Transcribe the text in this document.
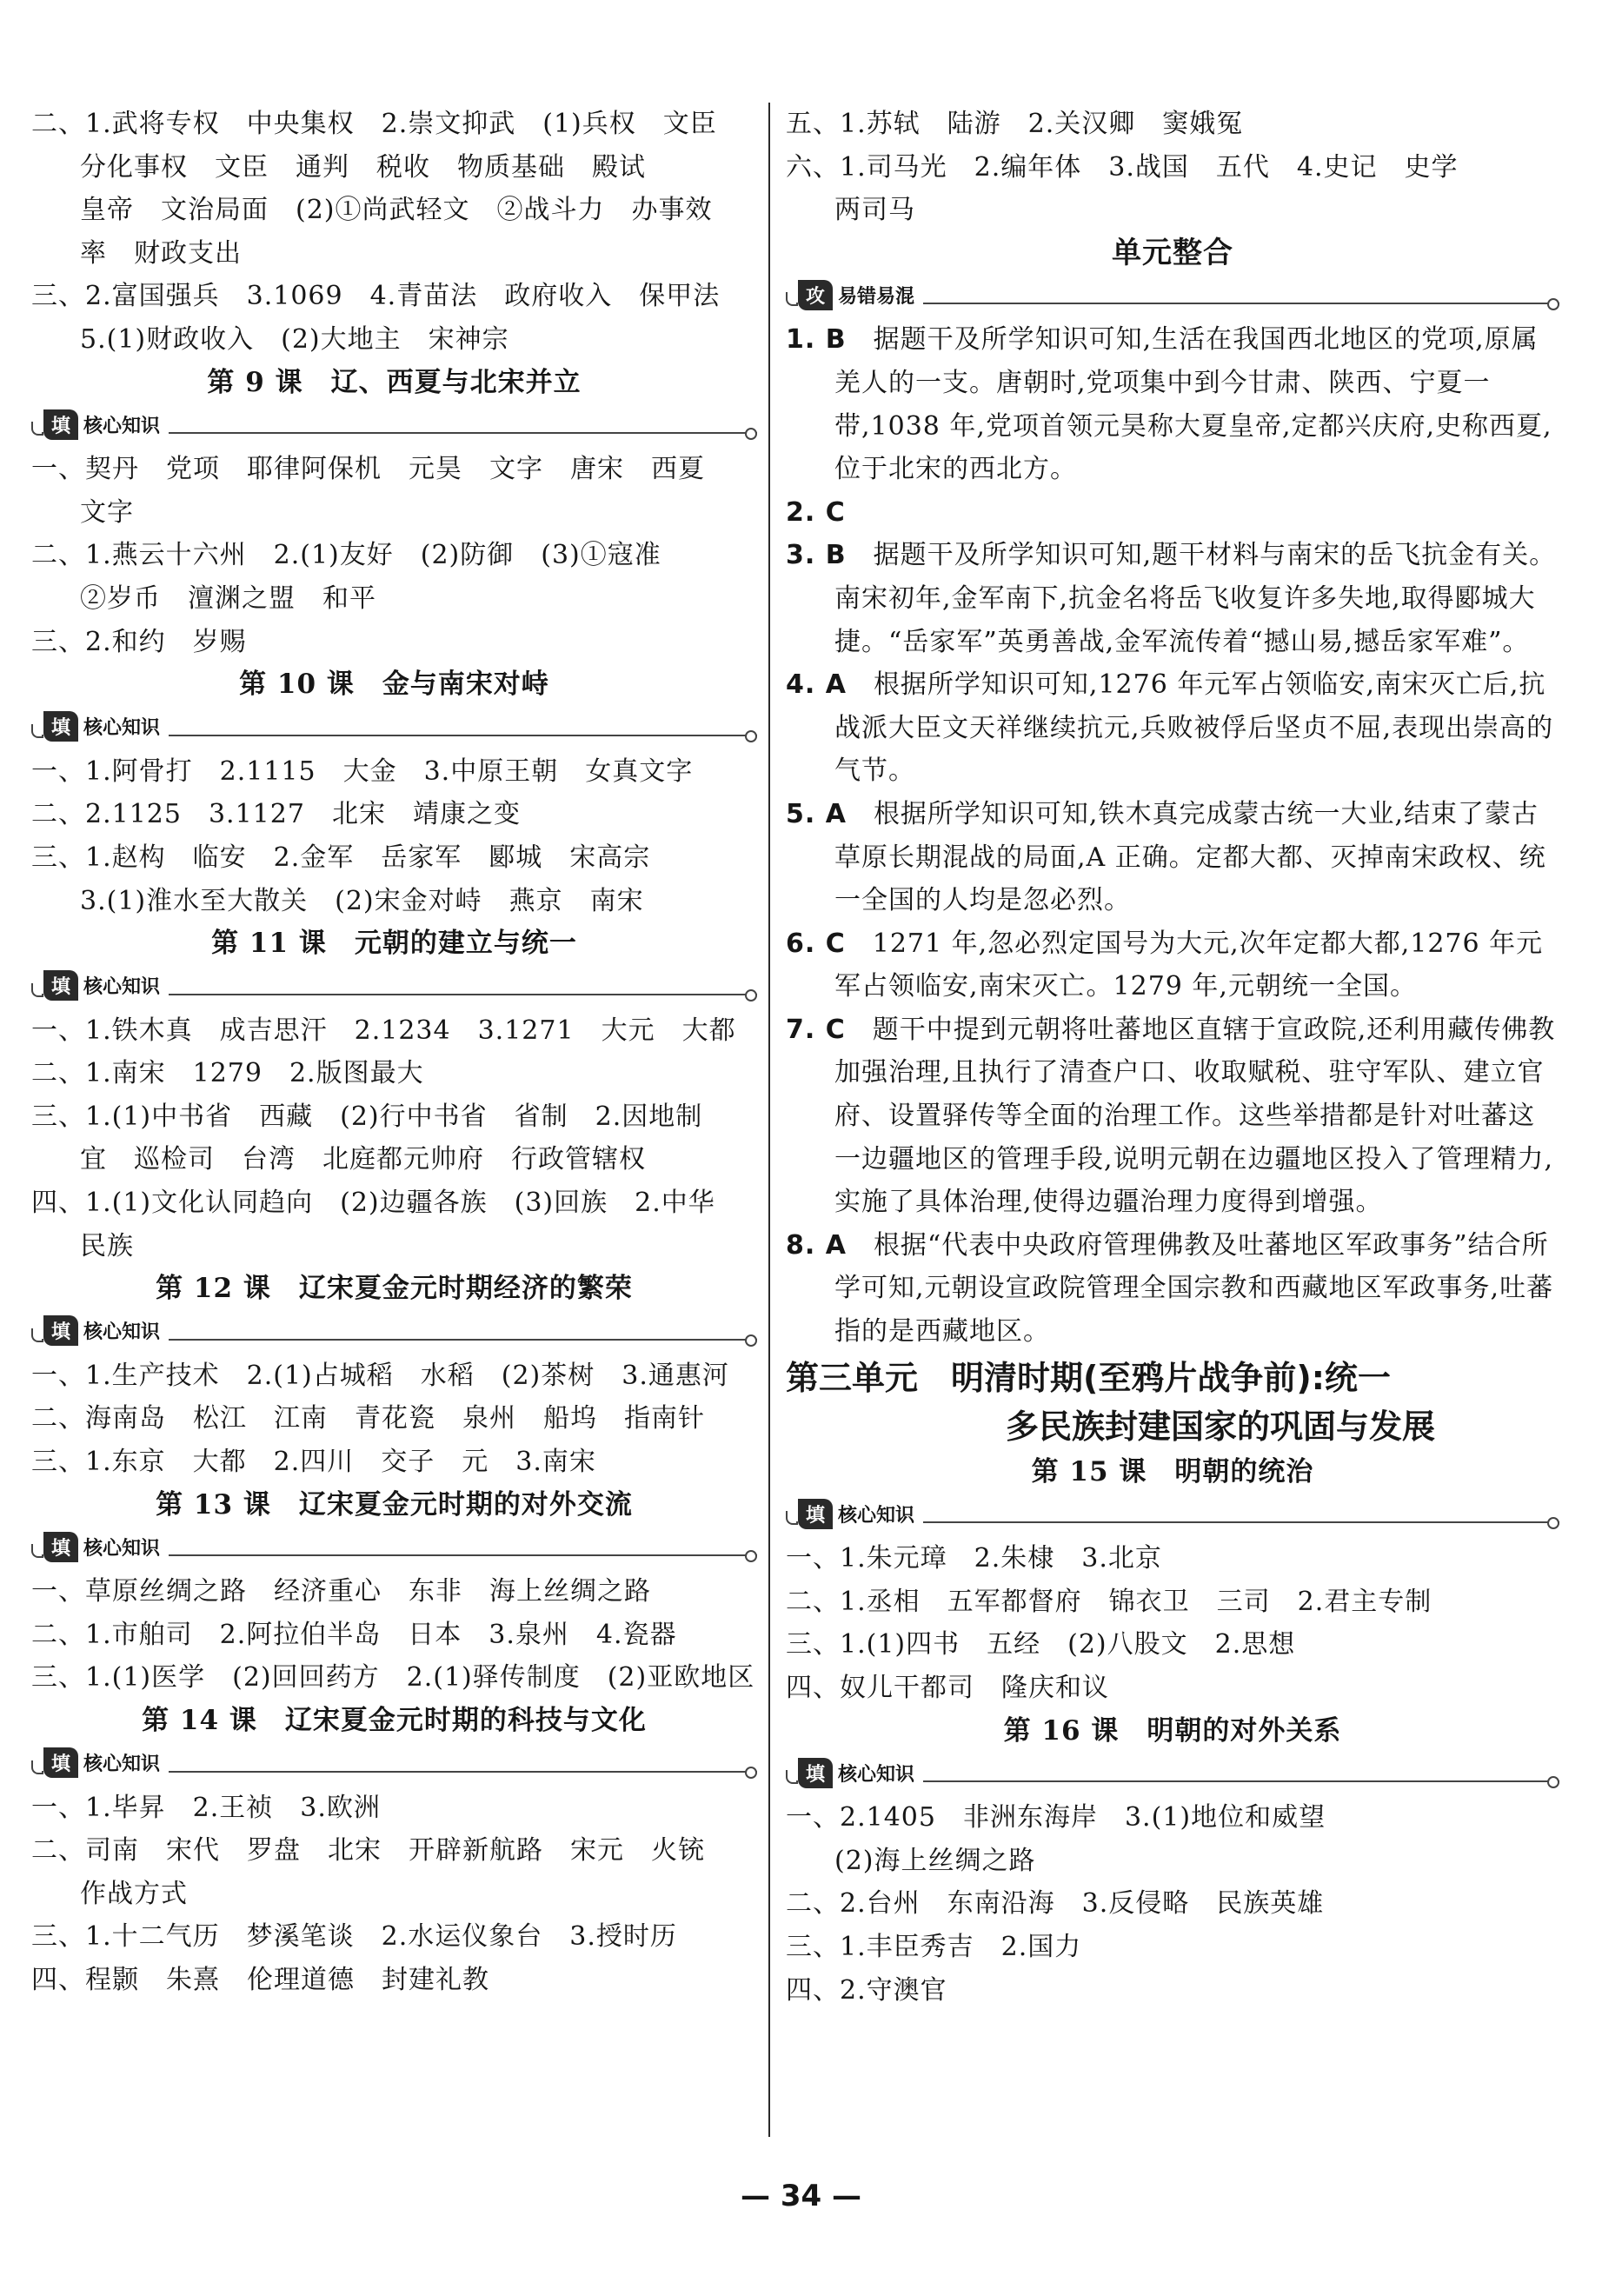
二、1.武将专权　中央集权　2.崇文抑武　(1)兵权　文臣
分化事权　文臣　通判　税收　物质基础　殿试
皇帝　文治局面　(2)①尚武轻文　②战斗力　办事效
率　财政支出
三、2.富国强兵　3.1069　4.青苗法　政府收入　保甲法
5.(1)财政收入　(2)大地主　宋神宗
第 9 课　辽、西夏与北宋并立
填 核心知识
一、契丹　党项　耶律阿保机　元昊　文字　唐宋　西夏
文字
二、1.燕云十六州　2.(1)友好　(2)防御　(3)①寇准
②岁币　澶渊之盟　和平
三、2.和约　岁赐
第 10 课　金与南宋对峙
填 核心知识
一、1.阿骨打　2.1115　大金　3.中原王朝　女真文字
二、2.1125　3.1127　北宋　靖康之变
三、1.赵构　临安　2.金军　岳家军　郾城　宋高宗
3.(1)淮水至大散关　(2)宋金对峙　燕京　南宋
第 11 课　元朝的建立与统一
填 核心知识
一、1.铁木真　成吉思汗　2.1234　3.1271　大元　大都
二、1.南宋　1279　2.版图最大
三、1.(1)中书省　西藏　(2)行中书省　省制　2.因地制
宜　巡检司　台湾　北庭都元帅府　行政管辖权
四、1.(1)文化认同趋向　(2)边疆各族　(3)回族　2.中华
民族
第 12 课　辽宋夏金元时期经济的繁荣
填 核心知识
一、1.生产技术　2.(1)占城稻　水稻　(2)茶树　3.通惠河
二、海南岛　松江　江南　青花瓷　泉州　船坞　指南针
三、1.东京　大都　2.四川　交子　元　3.南宋
第 13 课　辽宋夏金元时期的对外交流
填 核心知识
一、草原丝绸之路　经济重心　东非　海上丝绸之路
二、1.市舶司　2.阿拉伯半岛　日本　3.泉州　4.瓷器
三、1.(1)医学　(2)回回药方　2.(1)驿传制度　(2)亚欧地区
第 14 课　辽宋夏金元时期的科技与文化
填 核心知识
一、1.毕昇　2.王祯　3.欧洲
二、司南　宋代　罗盘　北宋　开辟新航路　宋元　火铳
作战方式
三、1.十二气历　梦溪笔谈　2.水运仪象台　3.授时历
四、程颢　朱熹　伦理道德　封建礼教
五、1.苏轼　陆游　2.关汉卿　窦娥冤
六、1.司马光　2.编年体　3.战国　五代　4.史记　史学
两司马
单元整合
攻 易错易混
1. B　 据题干及所学知识可知,生活在我国西北地区的党项,原属羌人的一支。唐朝时,党项集中到今甘肃、陕西、宁夏一带,1038 年,党项首领元昊称大夏皇帝,定都兴庆府,史称西夏,位于北宋的西北方。
2. C
3. B　 据题干及所学知识可知,题干材料与南宋的岳飞抗金有关。南宋初年,金军南下,抗金名将岳飞收复许多失地,取得郾城大捷。“岳家军”英勇善战,金军流传着“撼山易,撼岳家军难”。
4. A　 根据所学知识可知,1276 年元军占领临安,南宋灭亡后,抗战派大臣文天祥继续抗元,兵败被俘后坚贞不屈,表现出崇高的气节。
5. A　 根据所学知识可知,铁木真完成蒙古统一大业,结束了蒙古草原长期混战的局面,A 正确。定都大都、灭掉南宋政权、统一全国的人均是忽必烈。
6. C　 1271 年,忽必烈定国号为大元,次年定都大都,1276 年元军占领临安,南宋灭亡。1279 年,元朝统一全国。
7. C　 题干中提到元朝将吐蕃地区直辖于宣政院,还利用藏传佛教加强治理,且执行了清查户口、收取赋税、驻守军队、建立官府、设置驿传等全面的治理工作。这些举措都是针对吐蕃这一边疆地区的管理手段,说明元朝在边疆地区投入了管理精力,实施了具体治理,使得边疆治理力度得到增强。
8. A　 根据“代表中央政府管理佛教及吐蕃地区军政事务”结合所学可知,元朝设宣政院管理全国宗教和西藏地区军政事务,吐蕃指的是西藏地区。
第三单元　明清时期(至鸦片战争前):统一
多民族封建国家的巩固与发展
第 15 课　明朝的统治
填 核心知识
一、1.朱元璋　2.朱棣　3.北京
二、1.丞相　五军都督府　锦衣卫　三司　2.君主专制
三、1.(1)四书　五经　(2)八股文　2.思想
四、奴儿干都司　隆庆和议
第 16 课　明朝的对外关系
填 核心知识
一、2.1405　非洲东海岸　3.(1)地位和威望
(2)海上丝绸之路
二、2.台州　东南沿海　3.反侵略　民族英雄
三、1.丰臣秀吉　2.国力
四、2.守澳官
— 34 —
